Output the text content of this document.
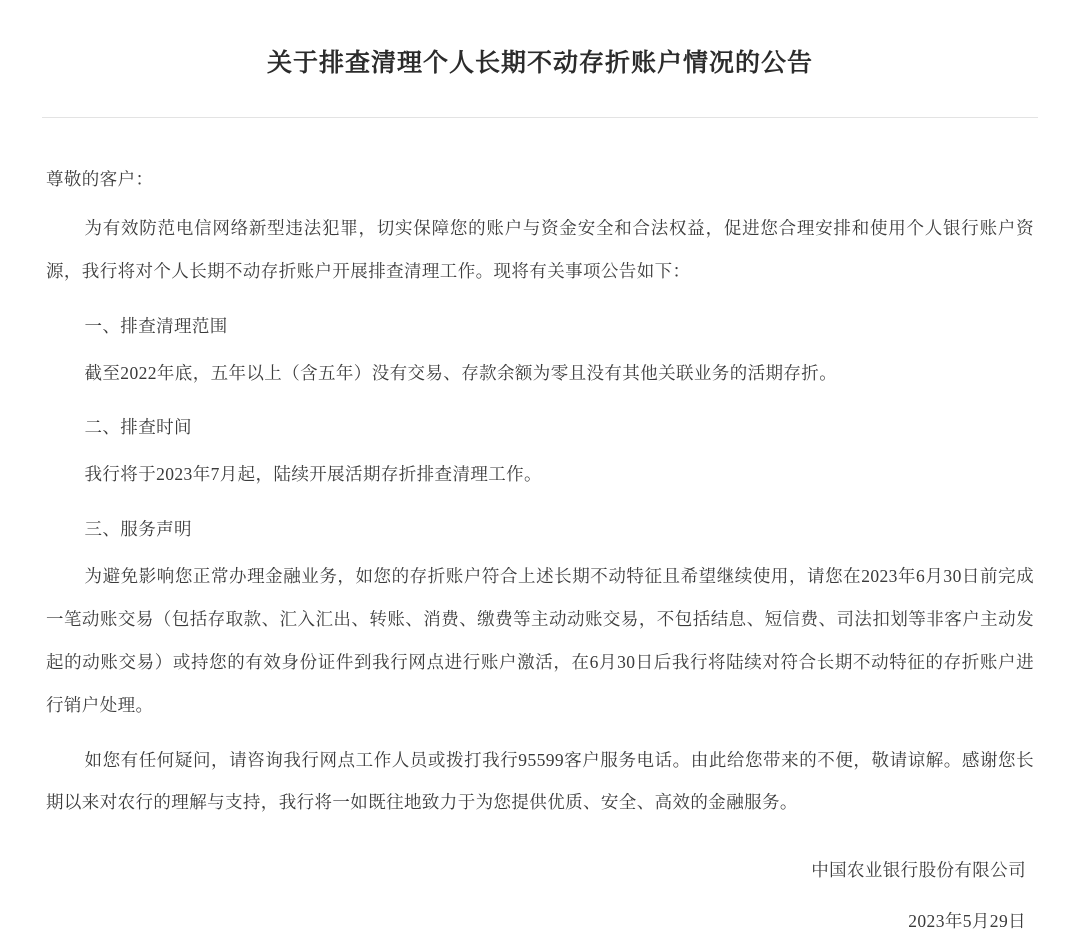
关于排查清理个人长期不动存折账户情况的公告

尊敬的客户：

为有效防范电信网络新型违法犯罪，切实保障您的账户与资金安全和合法权益，促进您合理安排和使用个人银行账户资源，我行将对个人长期不动存折账户开展排查清理工作。现将有关事项公告如下：

一、排查清理范围

截至2022年底，五年以上（含五年）没有交易、存款余额为零且没有其他关联业务的活期存折。

二、排查时间

我行将于2023年7月起，陆续开展活期存折排查清理工作。

三、服务声明

为避免影响您正常办理金融业务，如您的存折账户符合上述长期不动特征且希望继续使用，请您在2023年6月30日前完成一笔动账交易（包括存取款、汇入汇出、转账、消费、缴费等主动动账交易，不包括结息、短信费、司法扣划等非客户主动发起的动账交易）或持您的有效身份证件到我行网点进行账户激活，在6月30日后我行将陆续对符合长期不动特征的存折账户进行销户处理。

如您有任何疑问，请咨询我行网点工作人员或拨打我行95599客户服务电话。由此给您带来的不便，敬请谅解。感谢您长期以来对农行的理解与支持，我行将一如既往地致力于为您提供优质、安全、高效的金融服务。

中国农业银行股份有限公司
2023年5月29日
